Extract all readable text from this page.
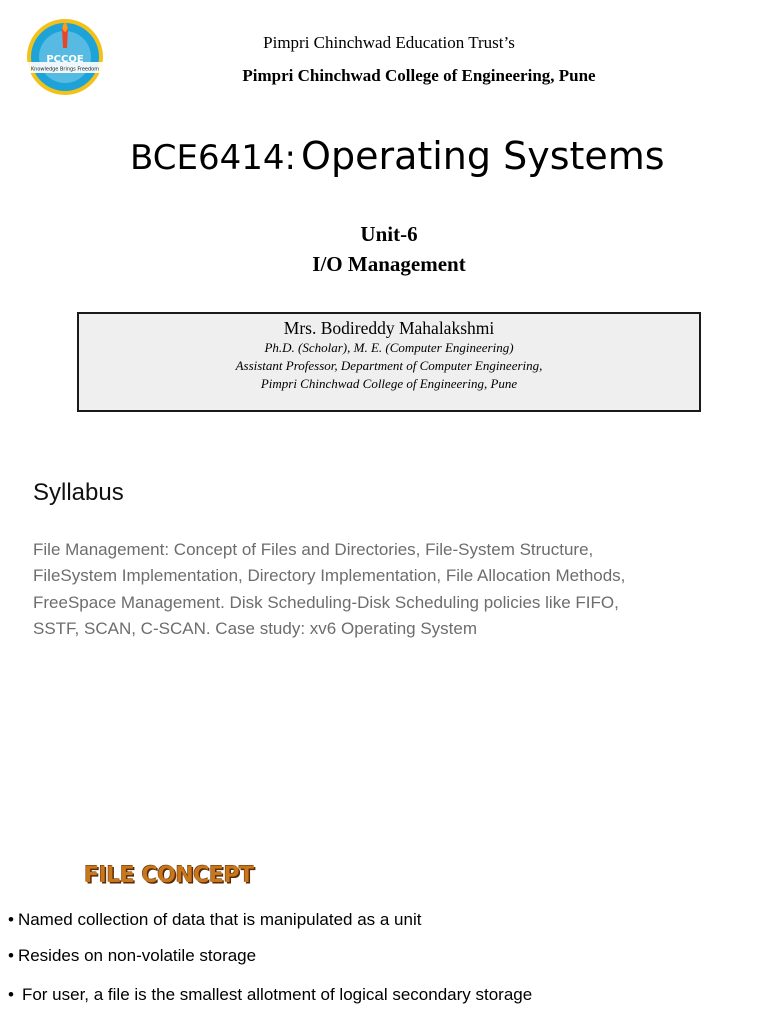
PCCOE
Knowledge Brings Freedom
Pimpri Chinchwad Education Trust’s
Pimpri Chinchwad College of Engineering, Pune
BCE6414: Operating Systems
Unit-6
I/O Management
Mrs. Bodireddy Mahalakshmi
Ph.D. (Scholar), M. E. (Computer Engineering)
Assistant Professor, Department of Computer Engineering,
Pimpri Chinchwad College of Engineering, Pune
Syllabus
File Management: Concept of Files and Directories, File-System Structure,
FileSystem Implementation, Directory Implementation, File Allocation Methods,
FreeSpace Management. Disk Scheduling-Disk Scheduling policies like FIFO,
SSTF, SCAN, C-SCAN. Case study: xv6 Operating System
FILE CONCEPT
• Named collection of data that is manipulated as a unit
• Resides on non-volatile storage
• For user, a file is the smallest allotment of logical secondary storage
